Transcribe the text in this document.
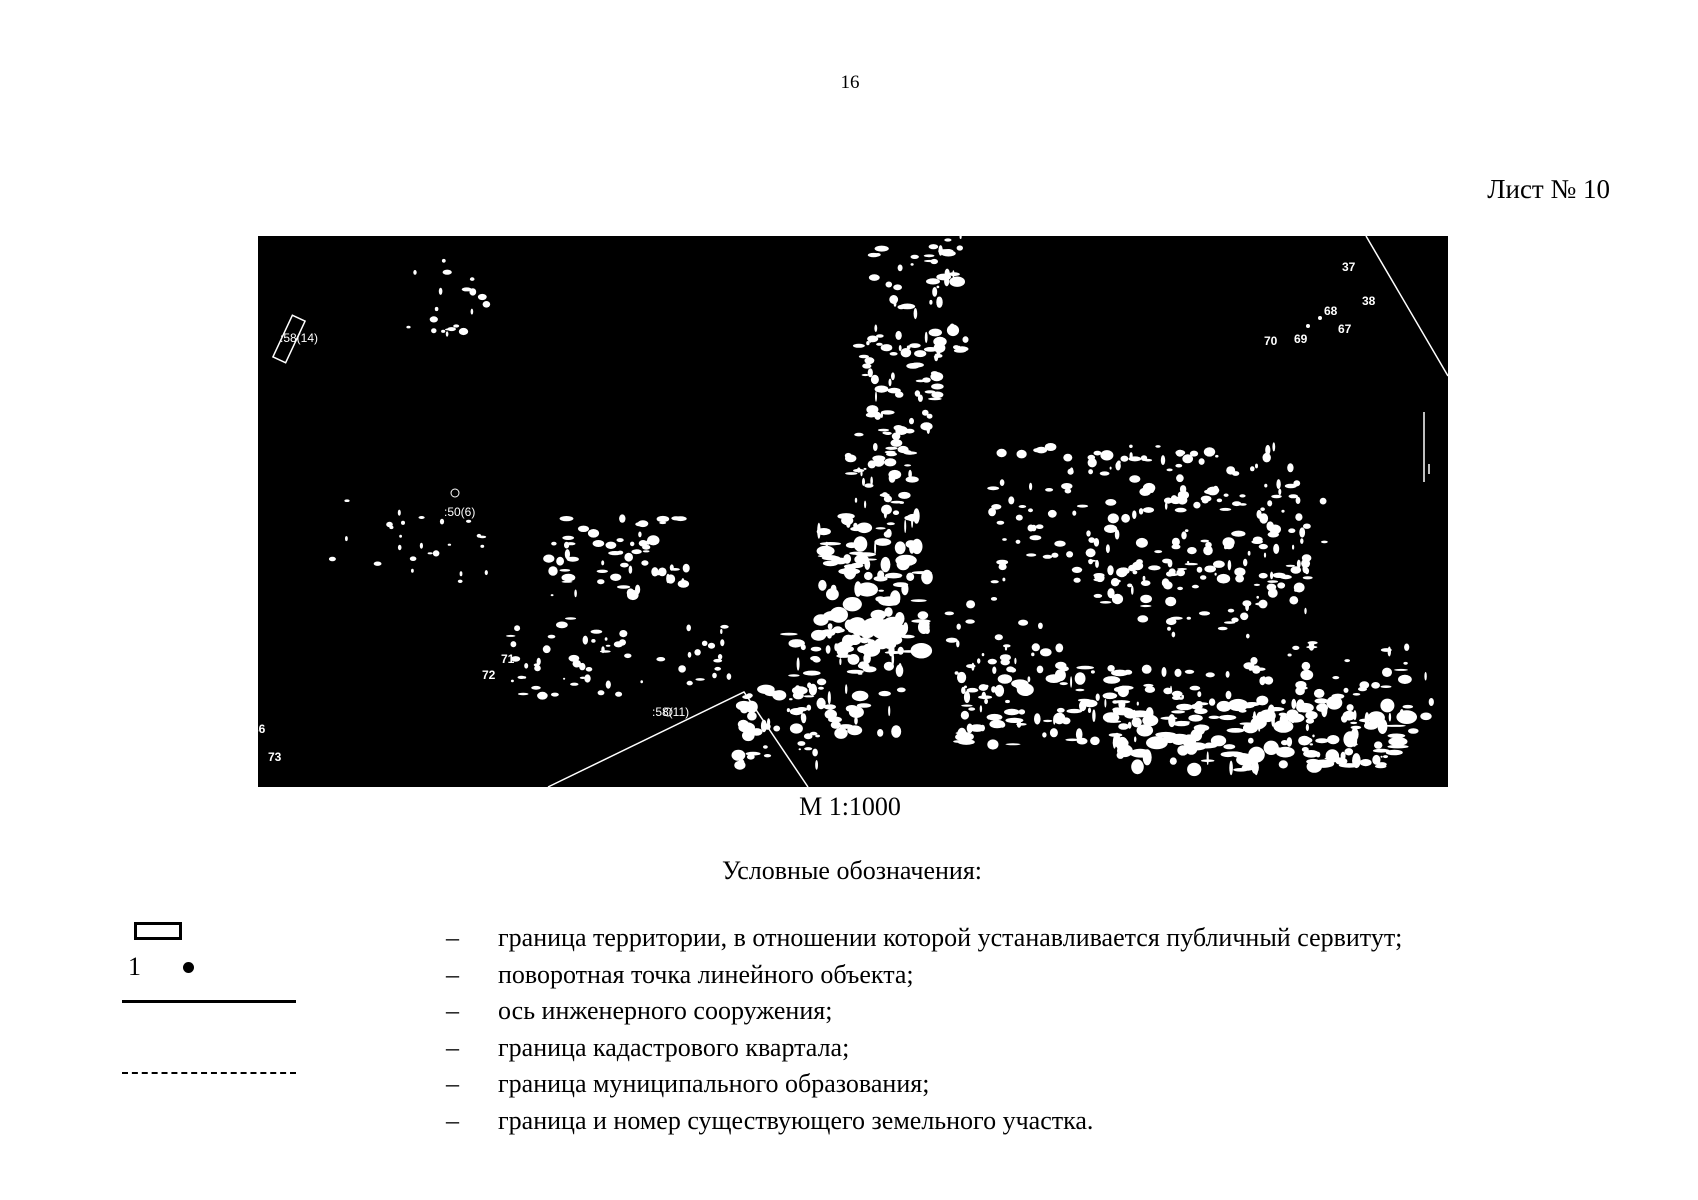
16
Лист № 10
:58(14)
:50(6)
:58(11)
37
38
68
67
70 69
71
72
36
73
М 1:1000
Условные обозначения:
1
– граница территории, в отношении которой устанавливается публичный сервитут;
– поворотная точка линейного объекта;
– ось инженерного сооружения;
– граница кадастрового квартала;
– граница муниципального образования;
– граница и номер существующего земельного участка.
